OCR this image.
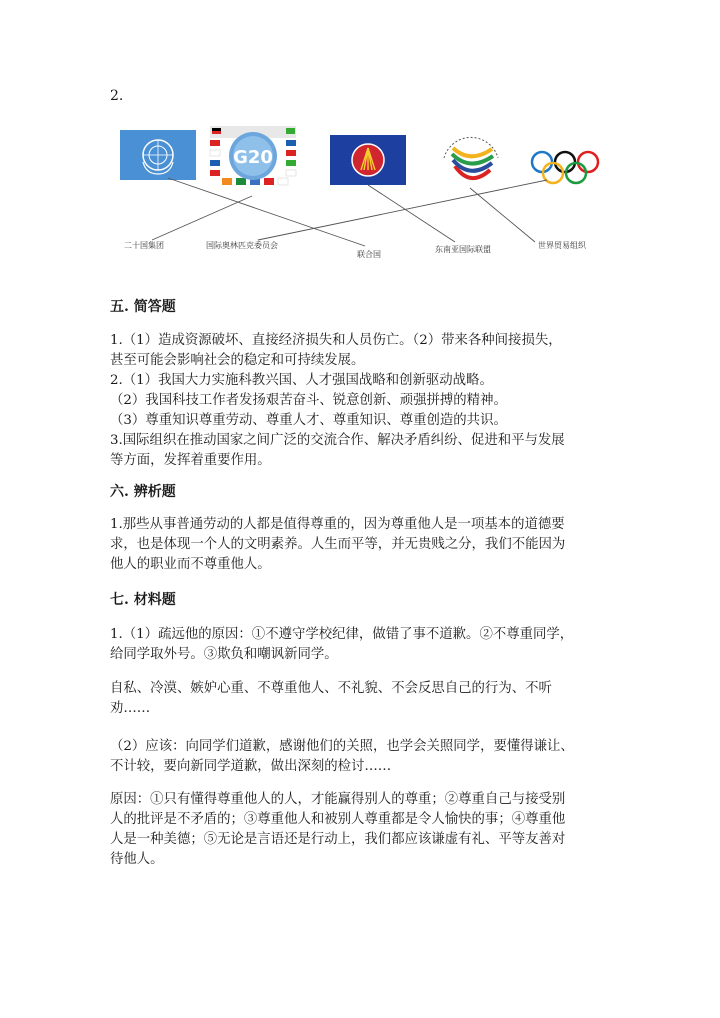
2.
G20
二十国集团	国际奥林匹克委员会
联合国
东南亚国际联盟	世界贸易组织
五. 简答题
1.（1）造成资源破坏、直接经济损失和人员伤亡。（2）带来各种间接损失，
甚至可能会影响社会的稳定和可持续发展。
2.（1）我国大力实施科教兴国、人才强国战略和创新驱动战略。
（2）我国科技工作者发扬艰苦奋斗、锐意创新、顽强拼搏的精神。
（3）尊重知识尊重劳动、尊重人才、尊重知识、尊重创造的共识。
3.国际组织在推动国家之间广泛的交流合作、解决矛盾纠纷、促进和平与发展
等方面，发挥着重要作用。
六. 辨析题
1.那些从事普通劳动的人都是值得尊重的，因为尊重他人是一项基本的道德要
求，也是体现一个人的文明素养。人生而平等，并无贵贱之分，我们不能因为
他人的职业而不尊重他人。
七. 材料题
1.（1）疏远他的原因：①不遵守学校纪律，做错了事不道歉。②不尊重同学，
给同学取外号。③欺负和嘲讽新同学。
自私、冷漠、嫉妒心重、不尊重他人、不礼貌、不会反思自己的行为、不听
劝……
（2）应该：向同学们道歉，感谢他们的关照，也学会关照同学，要懂得谦让、
不计较，要向新同学道歉，做出深刻的检讨……
原因：①只有懂得尊重他人的人，才能赢得别人的尊重；②尊重自己与接受别
人的批评是不矛盾的；③尊重他人和被别人尊重都是令人愉快的事；④尊重他
人是一种美德；⑤无论是言语还是行动上，我们都应该谦虚有礼、平等友善对
待他人。
